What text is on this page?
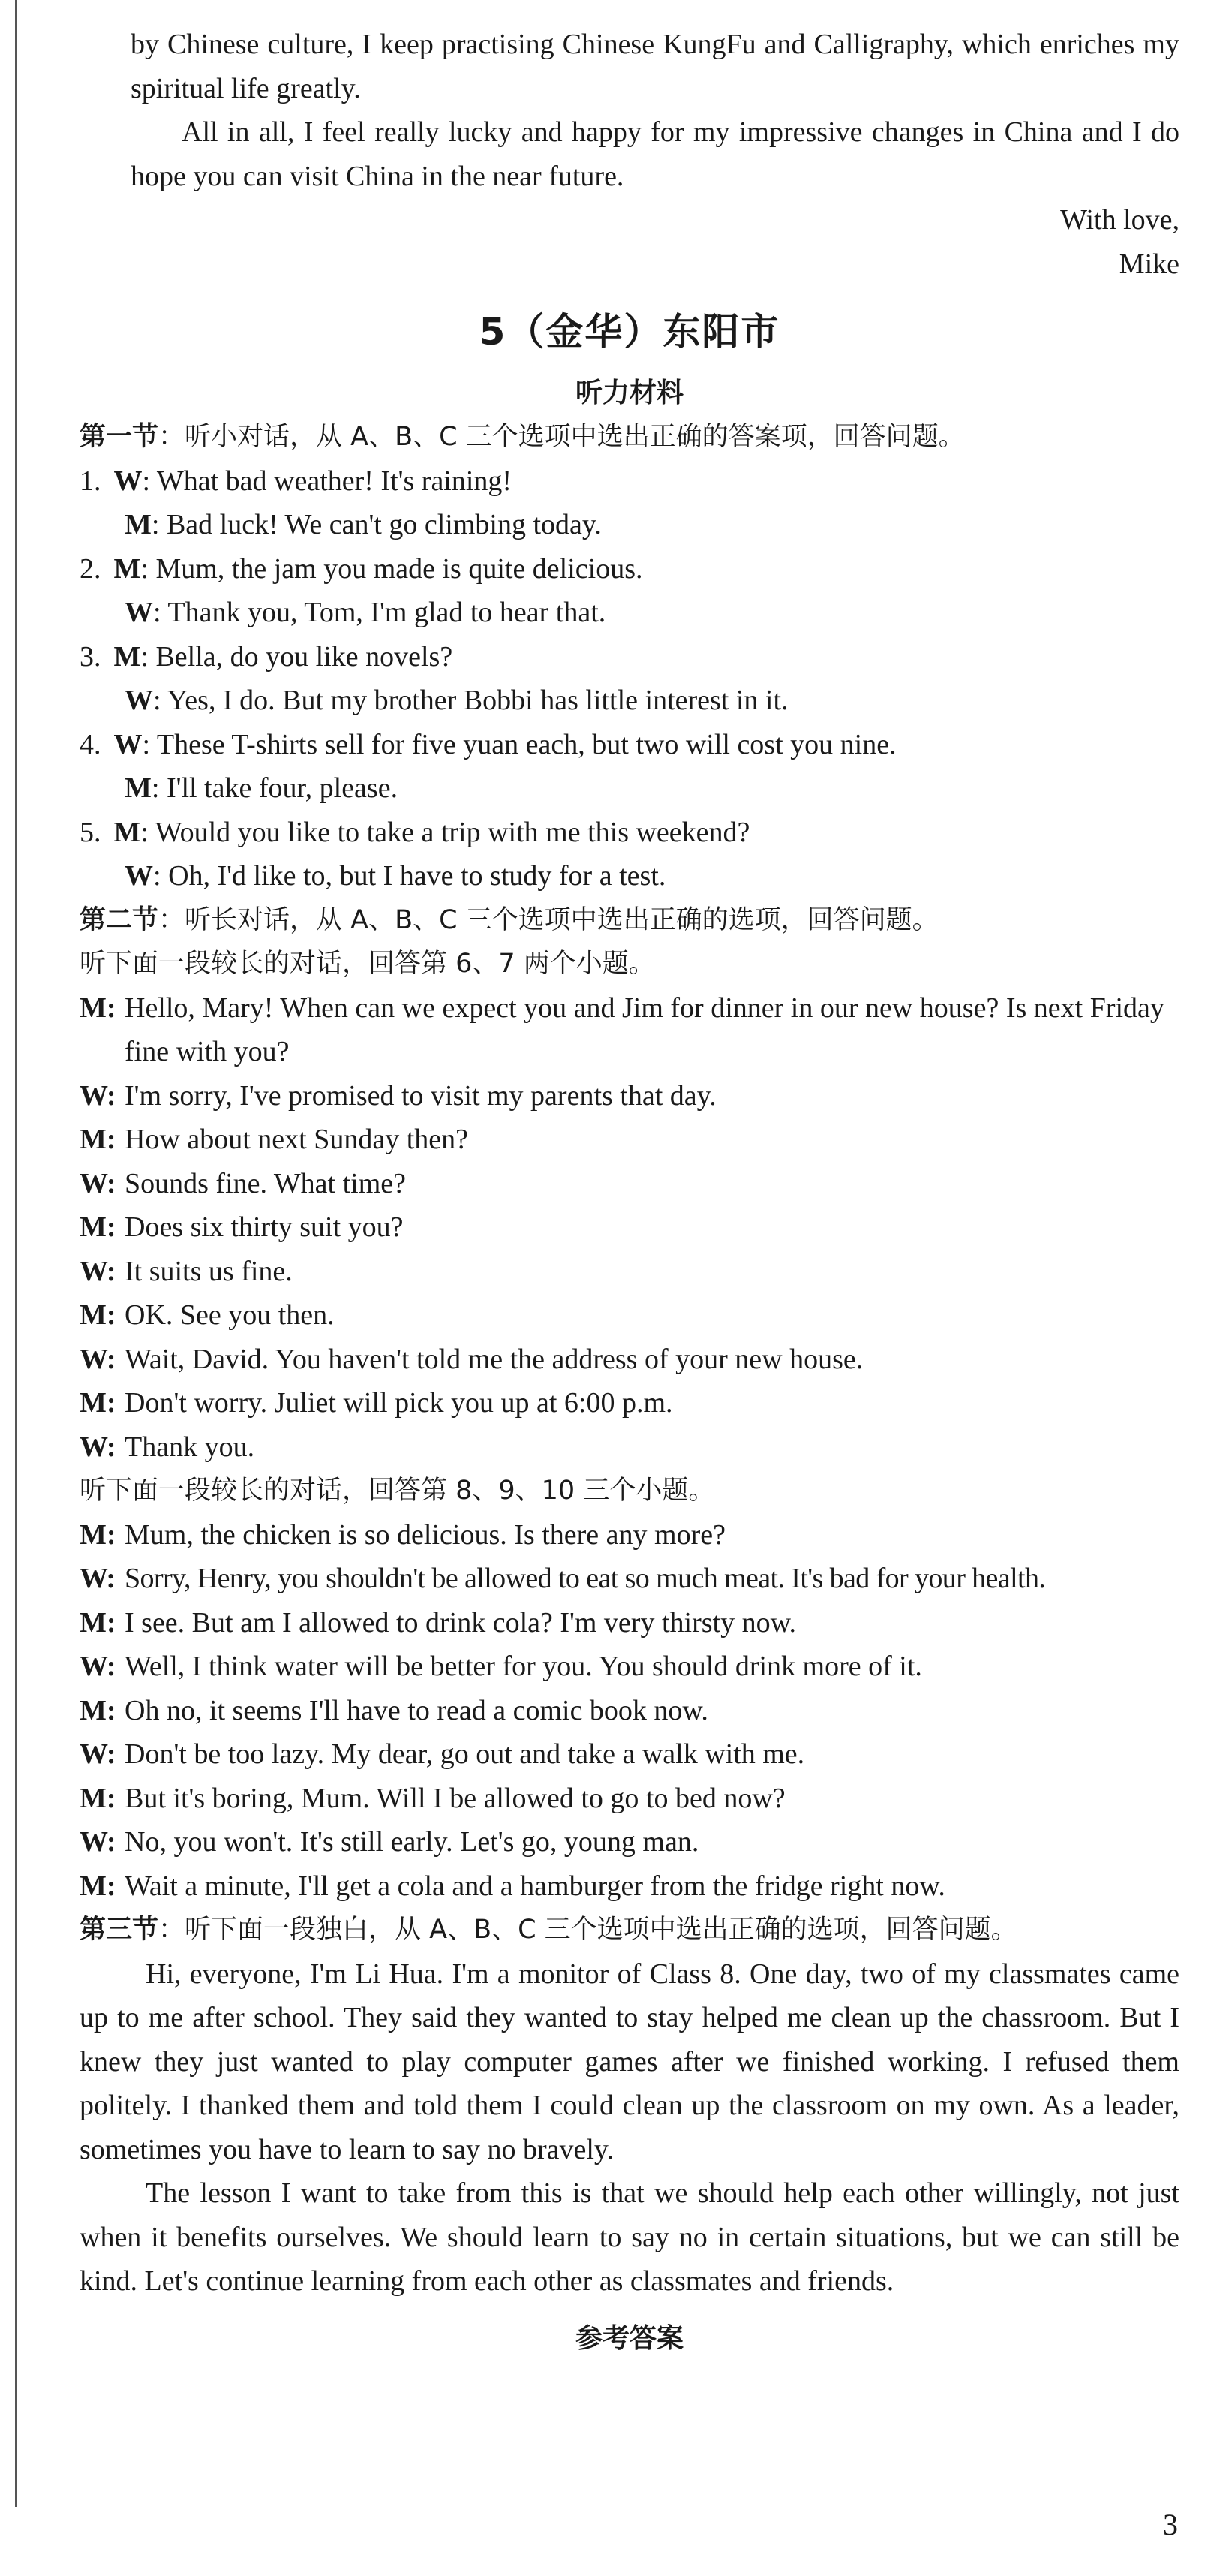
by Chinese culture, I keep practising Chinese KungFu and Calligraphy, which enriches my spiritual life greatly.
All in all, I feel really lucky and happy for my impressive changes in China and I do hope you can visit China in the near future.
With love,
Mike
5（金华）东阳市
听力材料
第一节：听小对话，从 A、B、C 三个选项中选出正确的答案项，回答问题。
1. W: What bad weather! It's raining!
M: Bad luck! We can't go climbing today.
2. M: Mum, the jam you made is quite delicious.
W: Thank you, Tom, I'm glad to hear that.
3. M: Bella, do you like novels?
W: Yes, I do. But my brother Bobbi has little interest in it.
4. W: These T-shirts sell for five yuan each, but two will cost you nine.
M: I'll take four, please.
5. M: Would you like to take a trip with me this weekend?
W: Oh, I'd like to, but I have to study for a test.
第二节：听长对话，从 A、B、C 三个选项中选出正确的选项，回答问题。
听下面一段较长的对话，回答第 6、7 两个小题。
M: Hello, Mary! When can we expect you and Jim for dinner in our new house? Is next Friday fine with you?
W: I'm sorry, I've promised to visit my parents that day.
M: How about next Sunday then?
W: Sounds fine. What time?
M: Does six thirty suit you?
W: It suits us fine.
M: OK. See you then.
W: Wait, David. You haven't told me the address of your new house.
M: Don't worry. Juliet will pick you up at 6:00 p.m.
W: Thank you.
听下面一段较长的对话，回答第 8、9、10 三个小题。
M: Mum, the chicken is so delicious. Is there any more?
W: Sorry, Henry, you shouldn't be allowed to eat so much meat. It's bad for your health.
M: I see. But am I allowed to drink cola? I'm very thirsty now.
W: Well, I think water will be better for you. You should drink more of it.
M: Oh no, it seems I'll have to read a comic book now.
W: Don't be too lazy. My dear, go out and take a walk with me.
M: But it's boring, Mum. Will I be allowed to go to bed now?
W: No, you won't. It's still early. Let's go, young man.
M: Wait a minute, I'll get a cola and a hamburger from the fridge right now.
第三节：听下面一段独白，从 A、B、C 三个选项中选出正确的选项，回答问题。
Hi, everyone, I'm Li Hua. I'm a monitor of Class 8. One day, two of my classmates came up to me after school. They said they wanted to stay helped me clean up the chassroom. But I knew they just wanted to play computer games after we finished working. I refused them politely. I thanked them and told them I could clean up the classroom on my own. As a leader, sometimes you have to learn to say no bravely.
The lesson I want to take from this is that we should help each other willingly, not just when it benefits ourselves. We should learn to say no in certain situations, but we can still be kind. Let's continue learning from each other as classmates and friends.
参考答案
3
